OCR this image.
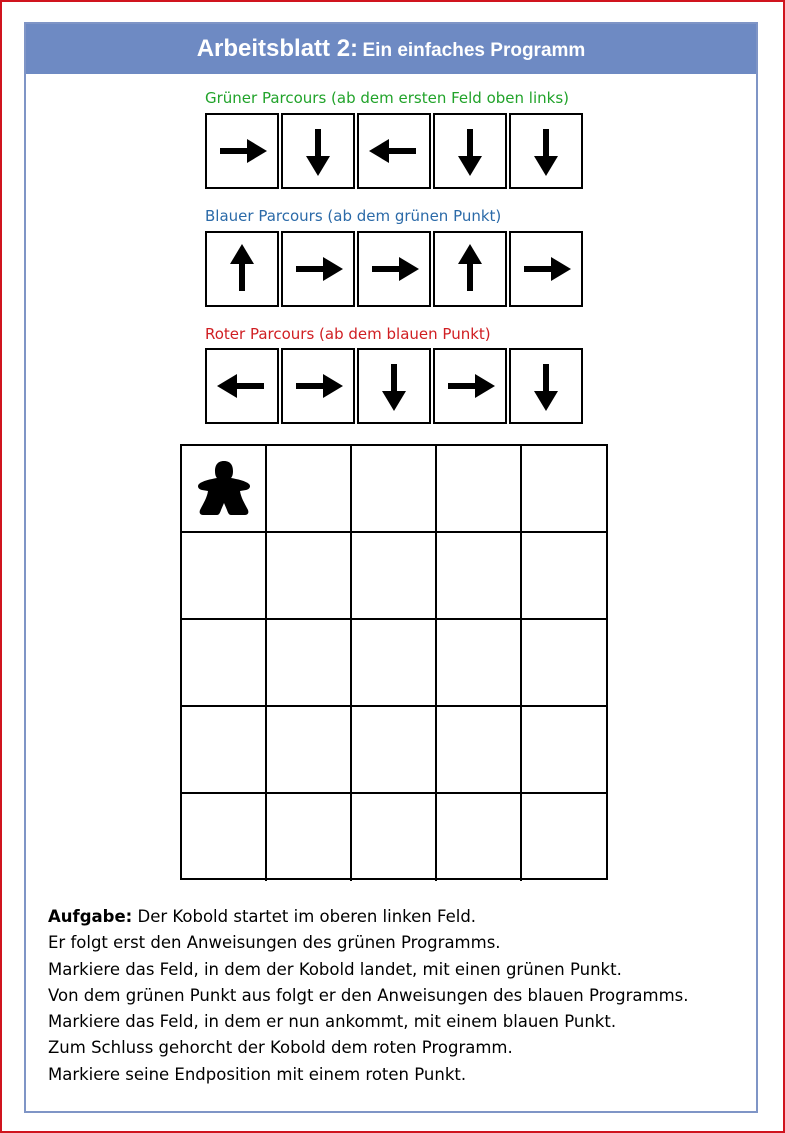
Arbeitsblatt 2: Ein einfaches Programm
Grüner Parcours (ab dem ersten Feld oben links)
Blauer Parcours (ab dem grünen Punkt)
Roter Parcours (ab dem blauen Punkt)
Aufgabe: Der Kobold startet im oberen linken Feld.
Er folgt erst den Anweisungen des grünen Programms.
Markiere das Feld, in dem der Kobold landet, mit einen grünen Punkt.
Von dem grünen Punkt aus folgt er den Anweisungen des blauen Programms.
Markiere das Feld, in dem er nun ankommt, mit einem blauen Punkt.
Zum Schluss gehorcht der Kobold dem roten Programm.
Markiere seine Endposition mit einem roten Punkt.
